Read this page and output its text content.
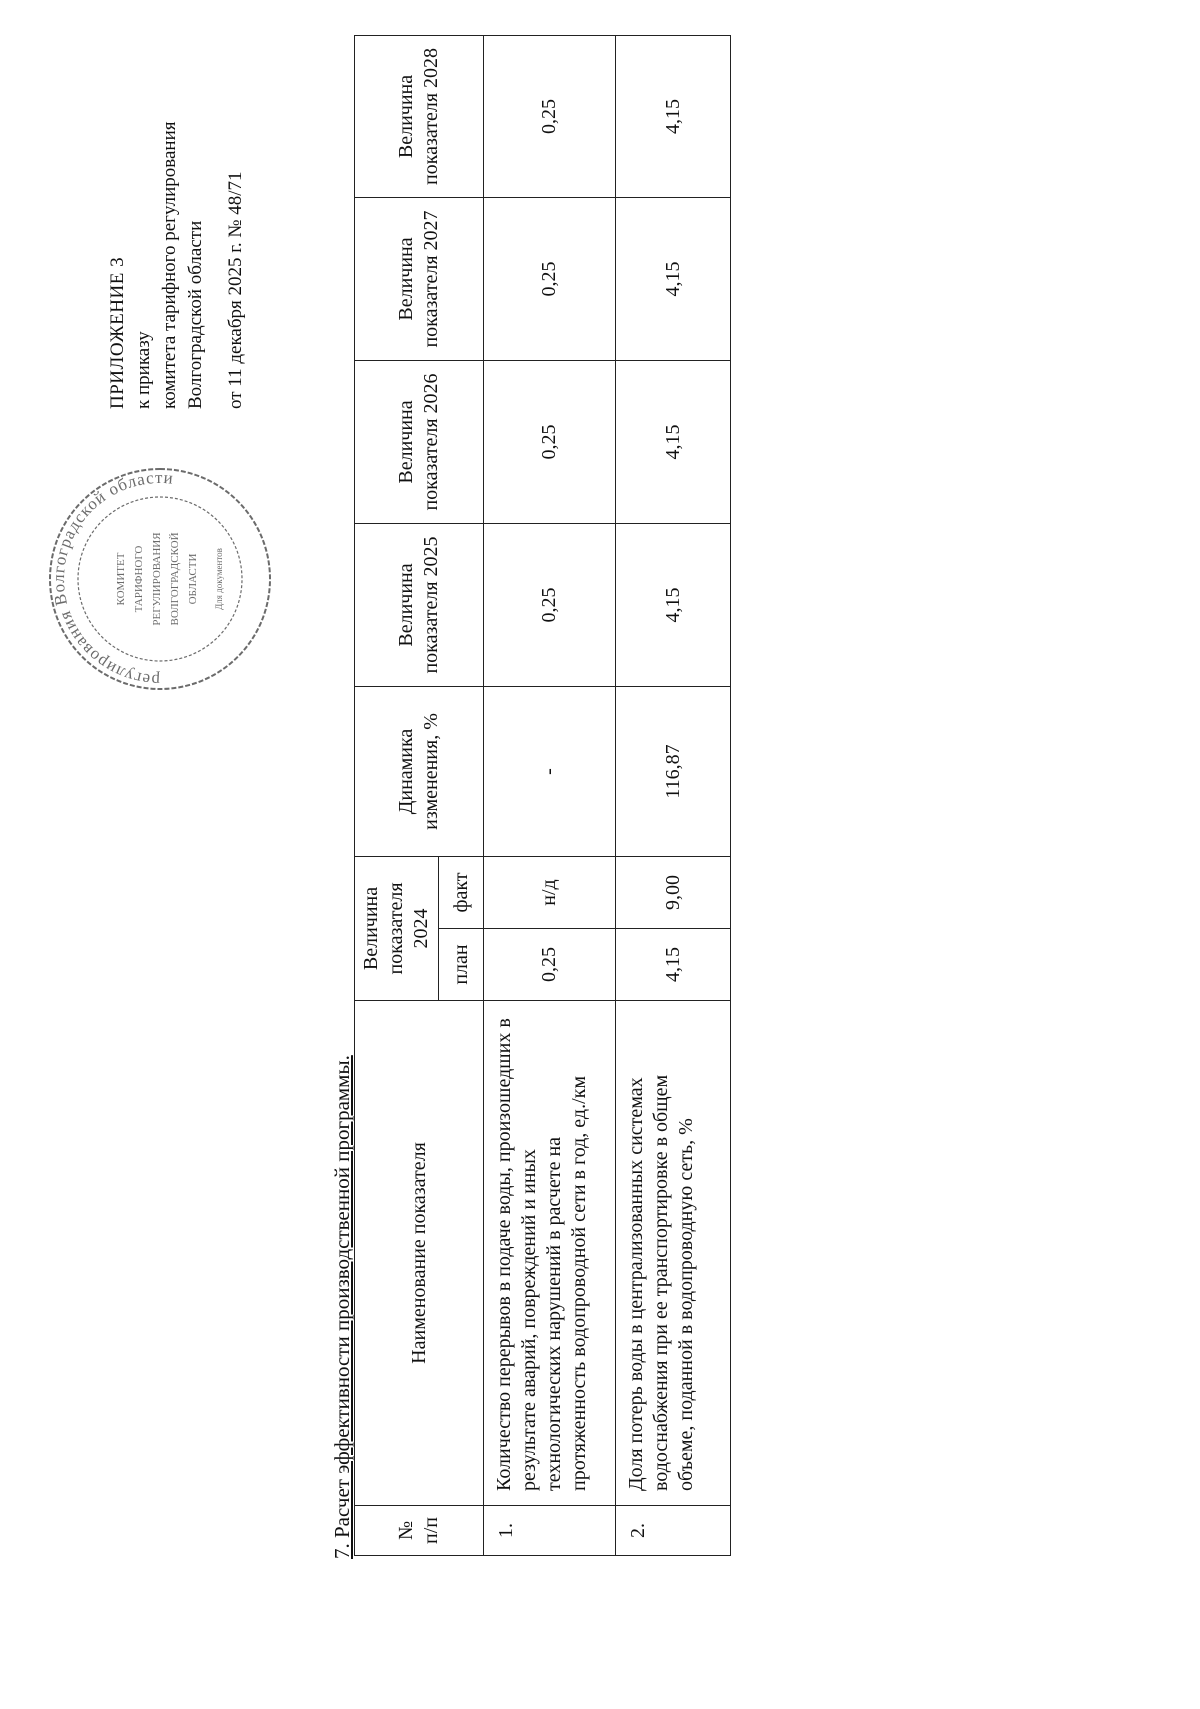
регулирования Волгоградской области
КОМИТЕТ ТАРИФНОГО РЕГУЛИРОВАНИЯ ВОЛГОГРАДСКОЙ ОБЛАСТИ Для документов
ПРИЛОЖЕНИЕ 3 к приказу комитета тарифного регулирования Волгоградской области от 11 декабря 2025 г. № 48/71
7. Расчет эффективности производственной программы. № п/п	Наименование показателя	Величина показателя 2024		Динамика изменения, %	Величина показателя 2025	Величина показателя 2026	Величина показателя 2027	Величина показателя 2028
		план	факт					
1.	Количество перерывов в подаче воды, произошедших в результате аварий, повреждений и иных технологических нарушений в расчете на протяженность водопроводной сети в год, ед./км	0,25	н/д	-	0,25	0,25	0,25	0,25
2.	Доля потерь воды в централизованных системах водоснабжения при ее транспортировке в общем объеме, поданной в водопроводную сеть, %	4,15	9,00	116,87	4,15	4,15	4,15	4,15
